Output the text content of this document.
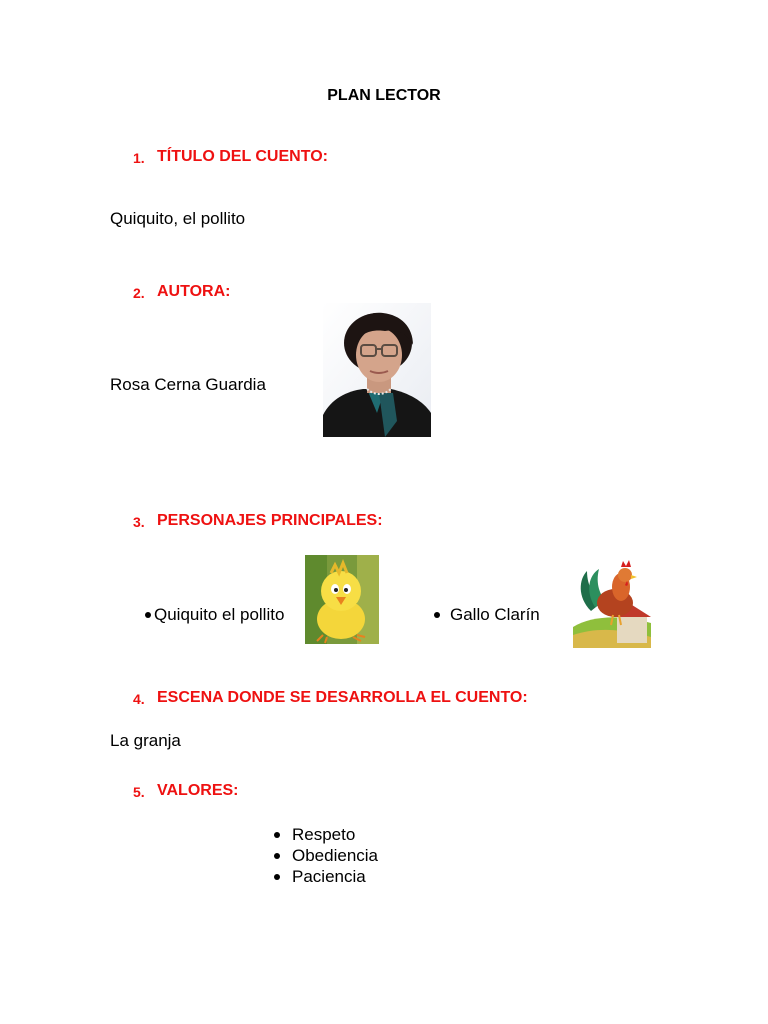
PLAN LECTOR
1. TÍTULO DEL CUENTO:
Quiquito, el pollito
2. AUTORA:
Rosa Cerna Guardia
3. PERSONAJES PRINCIPALES:
Quiquito el pollito	Gallo Clarín
4. ESCENA DONDE SE DESARROLLA EL CUENTO:
La granja
5. VALORES:
Respeto
Obediencia
Paciencia
